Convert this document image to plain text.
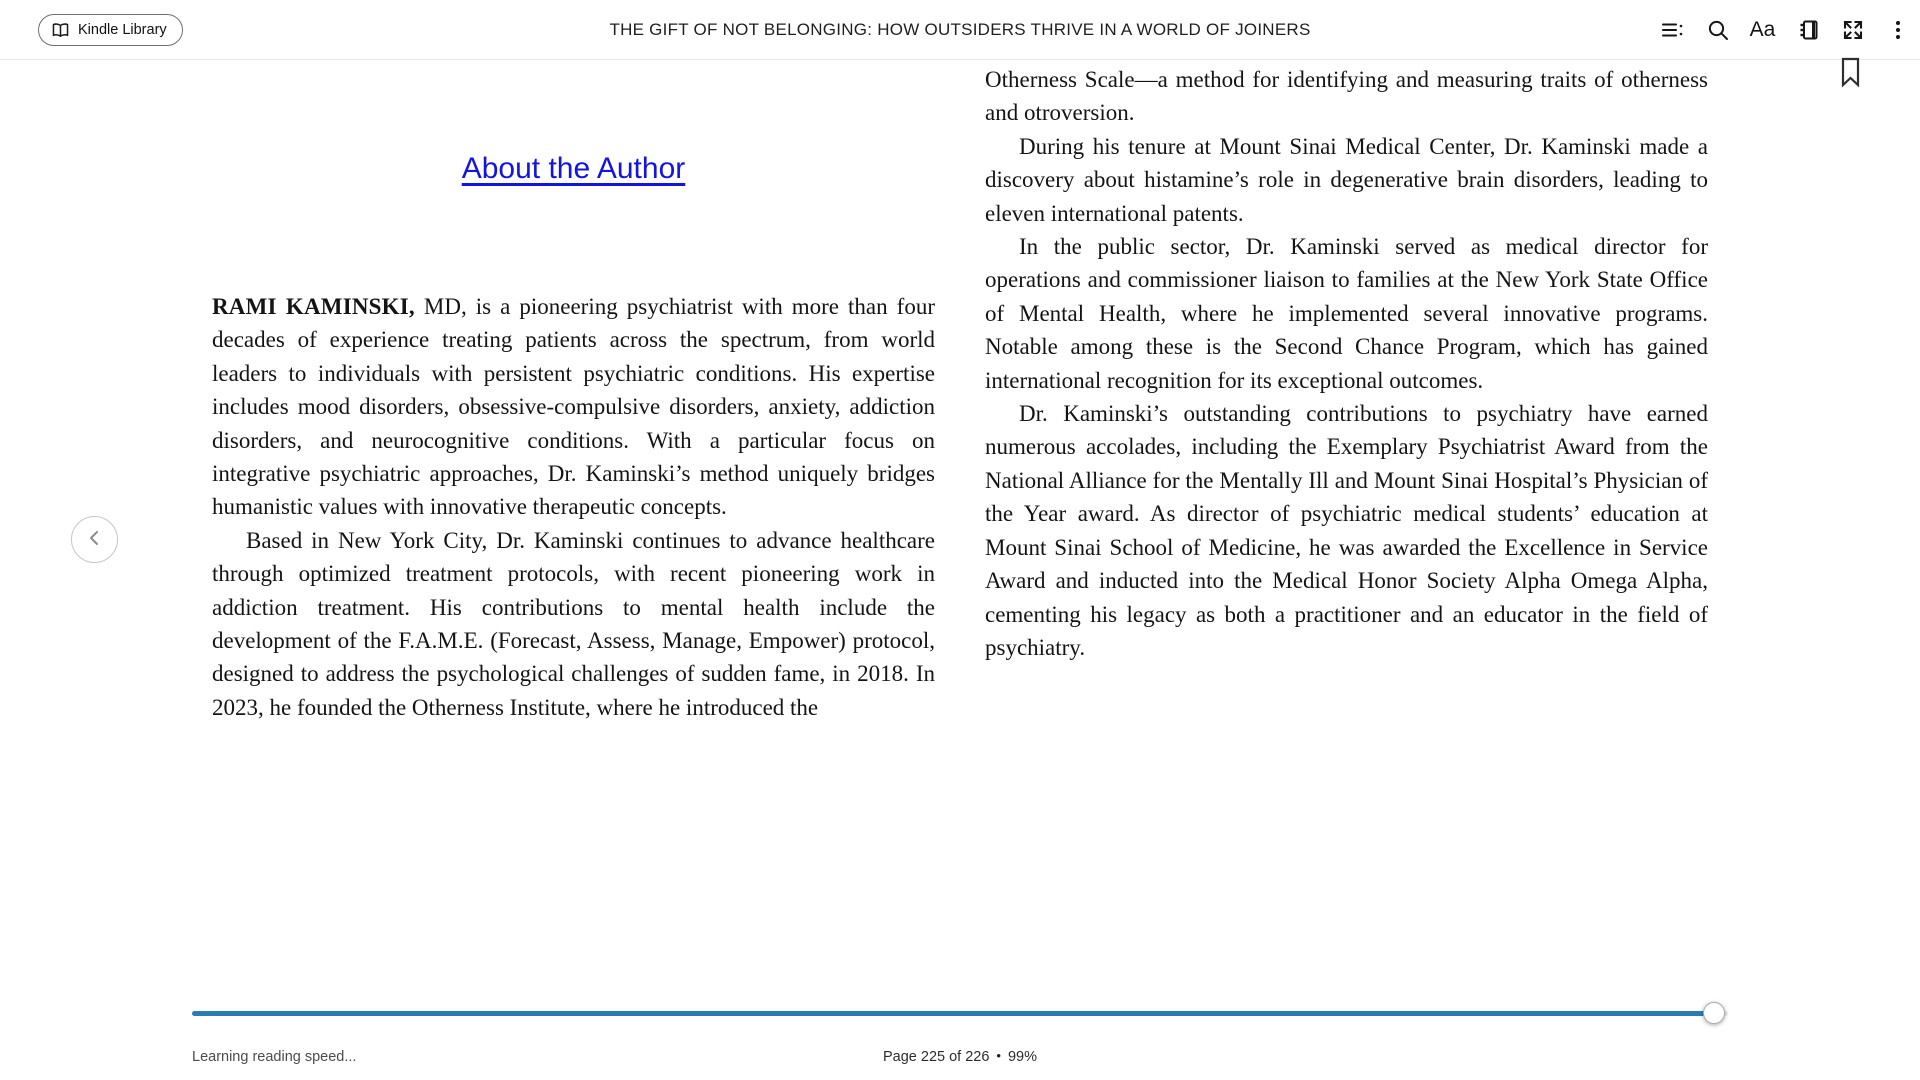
Kindle Library	THE GIFT OF NOT BELONGING: HOW OUTSIDERS THRIVE IN A WORLD OF JOINERS	Aa
About the Author

RAMI KAMINSKI, MD, is a pioneering psychiatrist with more than four decades of experience treating patients across the spectrum, from world leaders to individuals with persistent psychiatric conditions. His expertise includes mood disorders, obsessive-compulsive disorders, anxiety, addiction disorders, and neurocognitive conditions. With a particular focus on integrative psychiatric approaches, Dr. Kaminski’s method uniquely bridges humanistic values with innovative therapeutic concepts.

Based in New York City, Dr. Kaminski continues to advance healthcare through optimized treatment protocols, with recent pioneering work in addiction treatment. His contributions to mental health include the development of the F.A.M.E. (Forecast, Assess, Manage, Empower) protocol, designed to address the psychological challenges of sudden fame, in 2018. In 2023, he founded the Otherness Institute, where he introduced the

Otherness Scale—a method for identifying and measuring traits of otherness and otroversion.

During his tenure at Mount Sinai Medical Center, Dr. Kaminski made a discovery about histamine’s role in degenerative brain disorders, leading to eleven international patents.

In the public sector, Dr. Kaminski served as medical director for operations and commissioner liaison to families at the New York State Office of Mental Health, where he implemented several innovative programs. Notable among these is the Second Chance Program, which has gained international recognition for its exceptional outcomes.

Dr. Kaminski’s outstanding contributions to psychiatry have earned numerous accolades, including the Exemplary Psychiatrist Award from the National Alliance for the Mentally Ill and Mount Sinai Hospital’s Physician of the Year award. As director of psychiatric medical students’ education at Mount Sinai School of Medicine, he was awarded the Excellence in Service Award and inducted into the Medical Honor Society Alpha Omega Alpha, cementing his legacy as both a practitioner and an educator in the field of psychiatry.

Learning reading speed...	Page 225 of 226 • 99%
